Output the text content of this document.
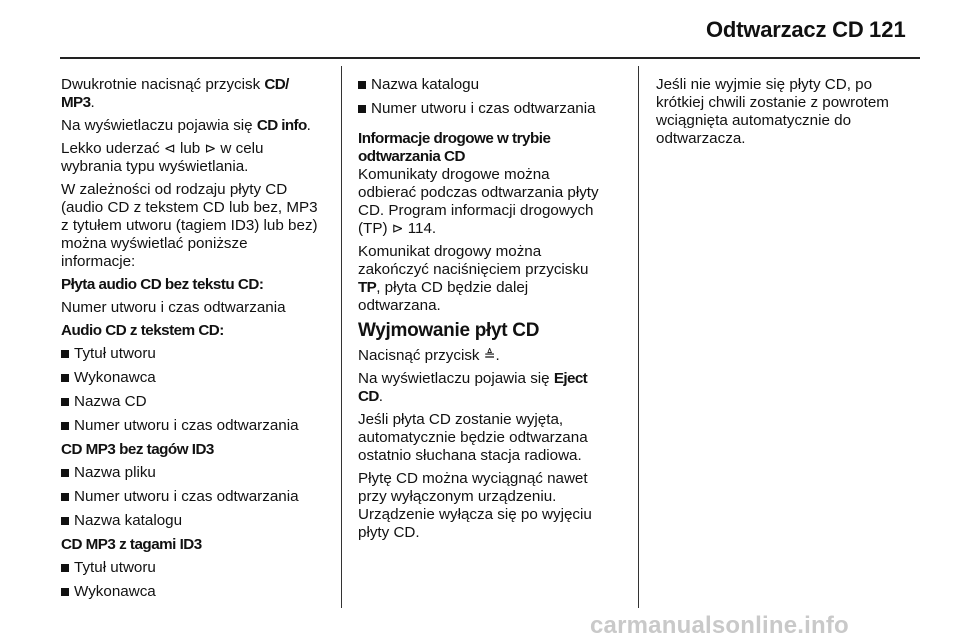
Odtwarzacz CD 121

Dwukrotnie nacisnąć przycisk CD/
MP3.

Na wyświetlaczu pojawia się CD info.

Lekko uderzać ⊲ lub ⊳ w celu
wybrania typu wyświetlania.

W zależności od rodzaju płyty CD
(audio CD z tekstem CD lub bez, MP3
z tytułem utworu (tagiem ID3) lub bez)
można wyświetlać poniższe
informacje:

Płyta audio CD bez tekstu CD:

Numer utworu i czas odtwarzania

Audio CD z tekstem CD:

Tytuł utworu
Wykonawca
Nazwa CD
Numer utworu i czas odtwarzania

CD MP3 bez tagów ID3

Nazwa pliku
Numer utworu i czas odtwarzania
Nazwa katalogu

CD MP3 z tagami ID3

Tytuł utworu
Wykonawca
Nazwa katalogu
Numer utworu i czas odtwarzania

Informacje drogowe w trybie
odtwarzania CD

Komunikaty drogowe można
odbierać podczas odtwarzania płyty
CD. Program informacji drogowych
(TP) ⊳ 114.

Komunikat drogowy można
zakończyć naciśnięciem przycisku
TP, płyta CD będzie dalej
odtwarzana.

Wyjmowanie płyt CD

Nacisnąć przycisk ≜.

Na wyświetlaczu pojawia się Eject
CD.

Jeśli płyta CD zostanie wyjęta,
automatycznie będzie odtwarzana
ostatnio słuchana stacja radiowa.

Płytę CD można wyciągnąć nawet
przy wyłączonym urządzeniu.
Urządzenie wyłącza się po wyjęciu
płyty CD.

Jeśli nie wyjmie się płyty CD, po
krótkiej chwili zostanie z powrotem
wciągnięta automatycznie do
odtwarzacza.

carmanualsonline.info
